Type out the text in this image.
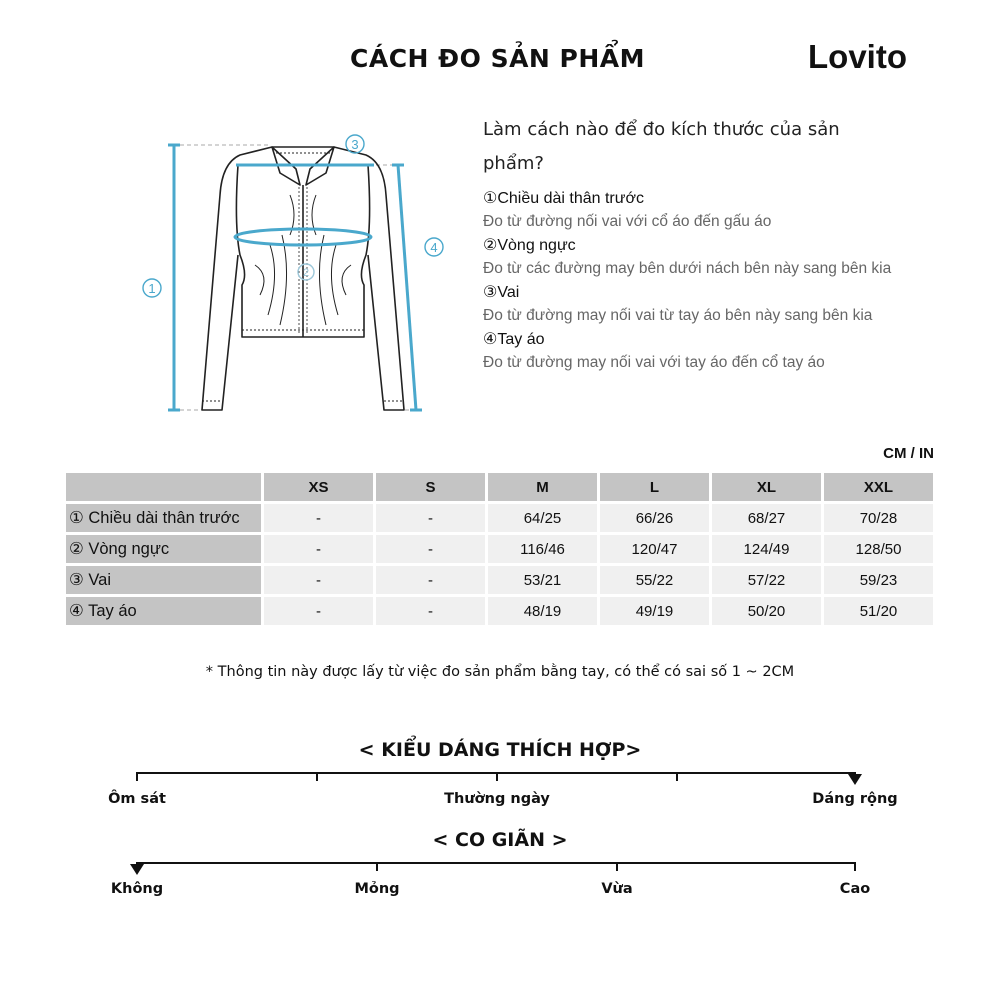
CÁCH ĐO SẢN PHẨM	Lovito
1
3
4
2
Làm cách nào để đo kích thước của sản phẩm?
①Chiều dài thân trước
Đo từ đường nối vai với cổ áo đến gấu áo
②Vòng ngực
Đo từ các đường may bên dưới nách bên này sang bên kia
③Vai
Đo từ đường may nối vai từ tay áo bên này sang bên kia
④Tay áo
Đo từ đường may nối vai với tay áo đến cổ tay áo
CM / IN
	XS	S	M	L	XL	XXL
① Chiều dài thân trước	-	-	64/25	66/26	68/27	70/28
② Vòng ngực	-	-	116/46	120/47	124/49	128/50
③ Vai	-	-	53/21	55/22	57/22	59/23
④ Tay áo	-	-	48/19	49/19	50/20	51/20
* Thông tin này được lấy từ việc đo sản phẩm bằng tay, có thể có sai số 1 ~ 2CM
< KIỂU DÁNG THÍCH HỢP>
Ôm sát	Thường ngày	Dáng rộng
< CO GIÃN >
Không	Mỏng	Vừa	Cao
